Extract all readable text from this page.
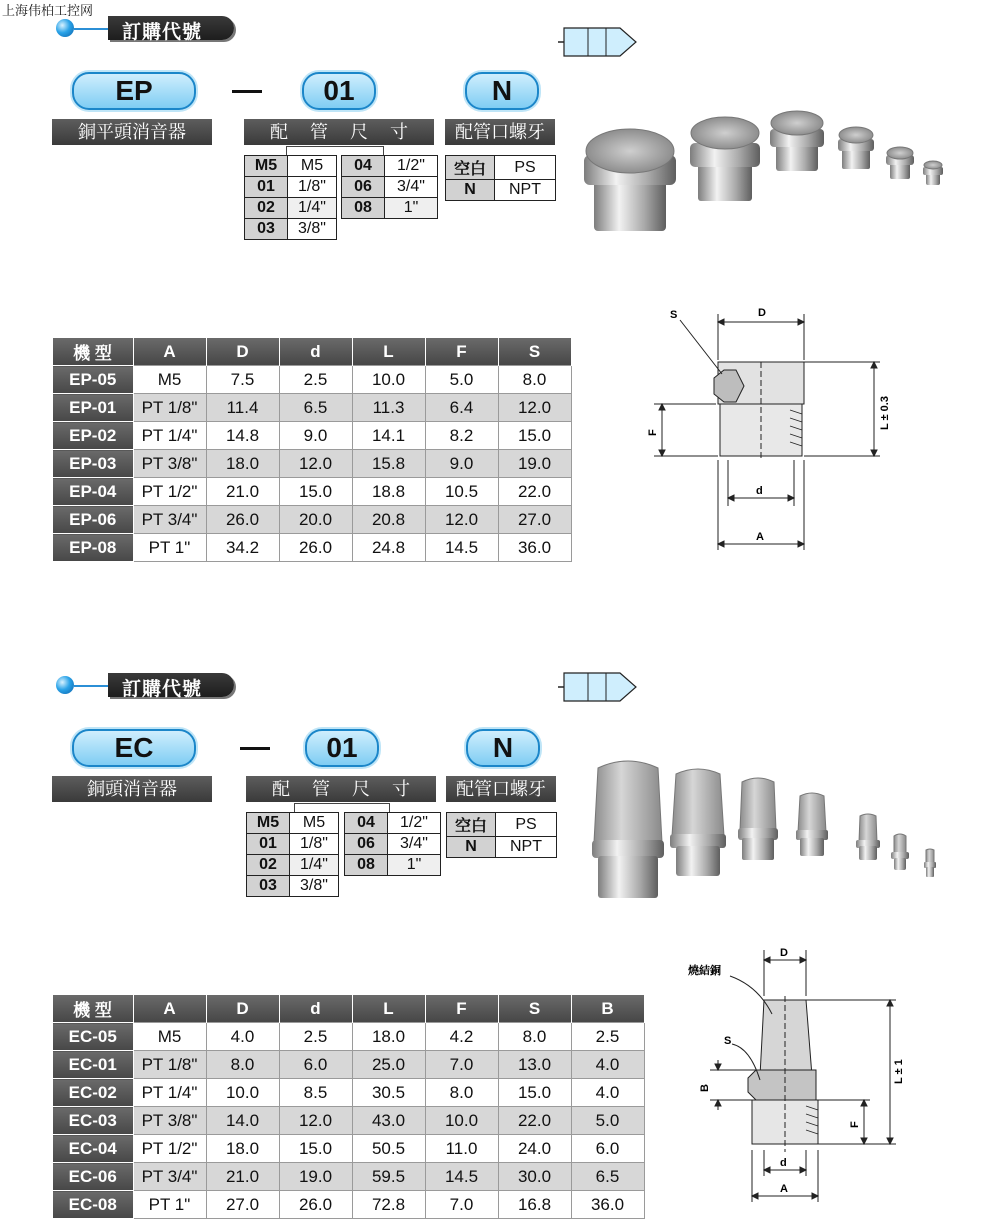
上海伟柏工控网
訂購代號
EP	01	N
銅平頭消音器	配管尺寸	配管口螺牙
M5	M5
01	1/8"
02	1/4"
03	3/8"
04	1/2"
06	3/4"
08	1"
空白	PS
N	NPT
機 型	A	D	d	L	F	S
EP-05	M5	7.5	2.5	10.0	5.0	8.0
EP-01	PT 1/8"	11.4	6.5	11.3	6.4	12.0
EP-02	PT 1/4"	14.8	9.0	14.1	8.2	15.0
EP-03	PT 3/8"	18.0	12.0	15.8	9.0	19.0
EP-04	PT 1/2"	21.0	15.0	18.8	10.5	22.0
EP-06	PT 3/4"	26.0	20.0	20.8	12.0	27.0
EP-08	PT 1"	34.2	26.0	24.8	14.5	36.0
S	D
L ± 0.3
F
d
A
訂購代號
EC	01	N
銅頭消音器	配管尺寸	配管口螺牙
M5	M5
01	1/8"
02	1/4"
03	3/8"
04	1/2"
06	3/4"
08	1"
空白	PS
N	NPT
機 型	A	D	d	L	F	S	B
EC-05	M5	4.0	2.5	18.0	4.2	8.0	2.5
EC-01	PT 1/8"	8.0	6.0	25.0	7.0	13.0	4.0
EC-02	PT 1/4"	10.0	8.5	30.5	8.0	15.0	4.0
EC-03	PT 3/8"	14.0	12.0	43.0	10.0	22.0	5.0
EC-04	PT 1/2"	18.0	15.0	50.5	11.0	24.0	6.0
EC-06	PT 3/4"	21.0	19.0	59.5	14.5	30.0	6.5
EC-08	PT 1"	27.0	26.0	72.8	7.0	16.8	36.0
燒結銅
S
D
L ± 1
B
F
d
A
